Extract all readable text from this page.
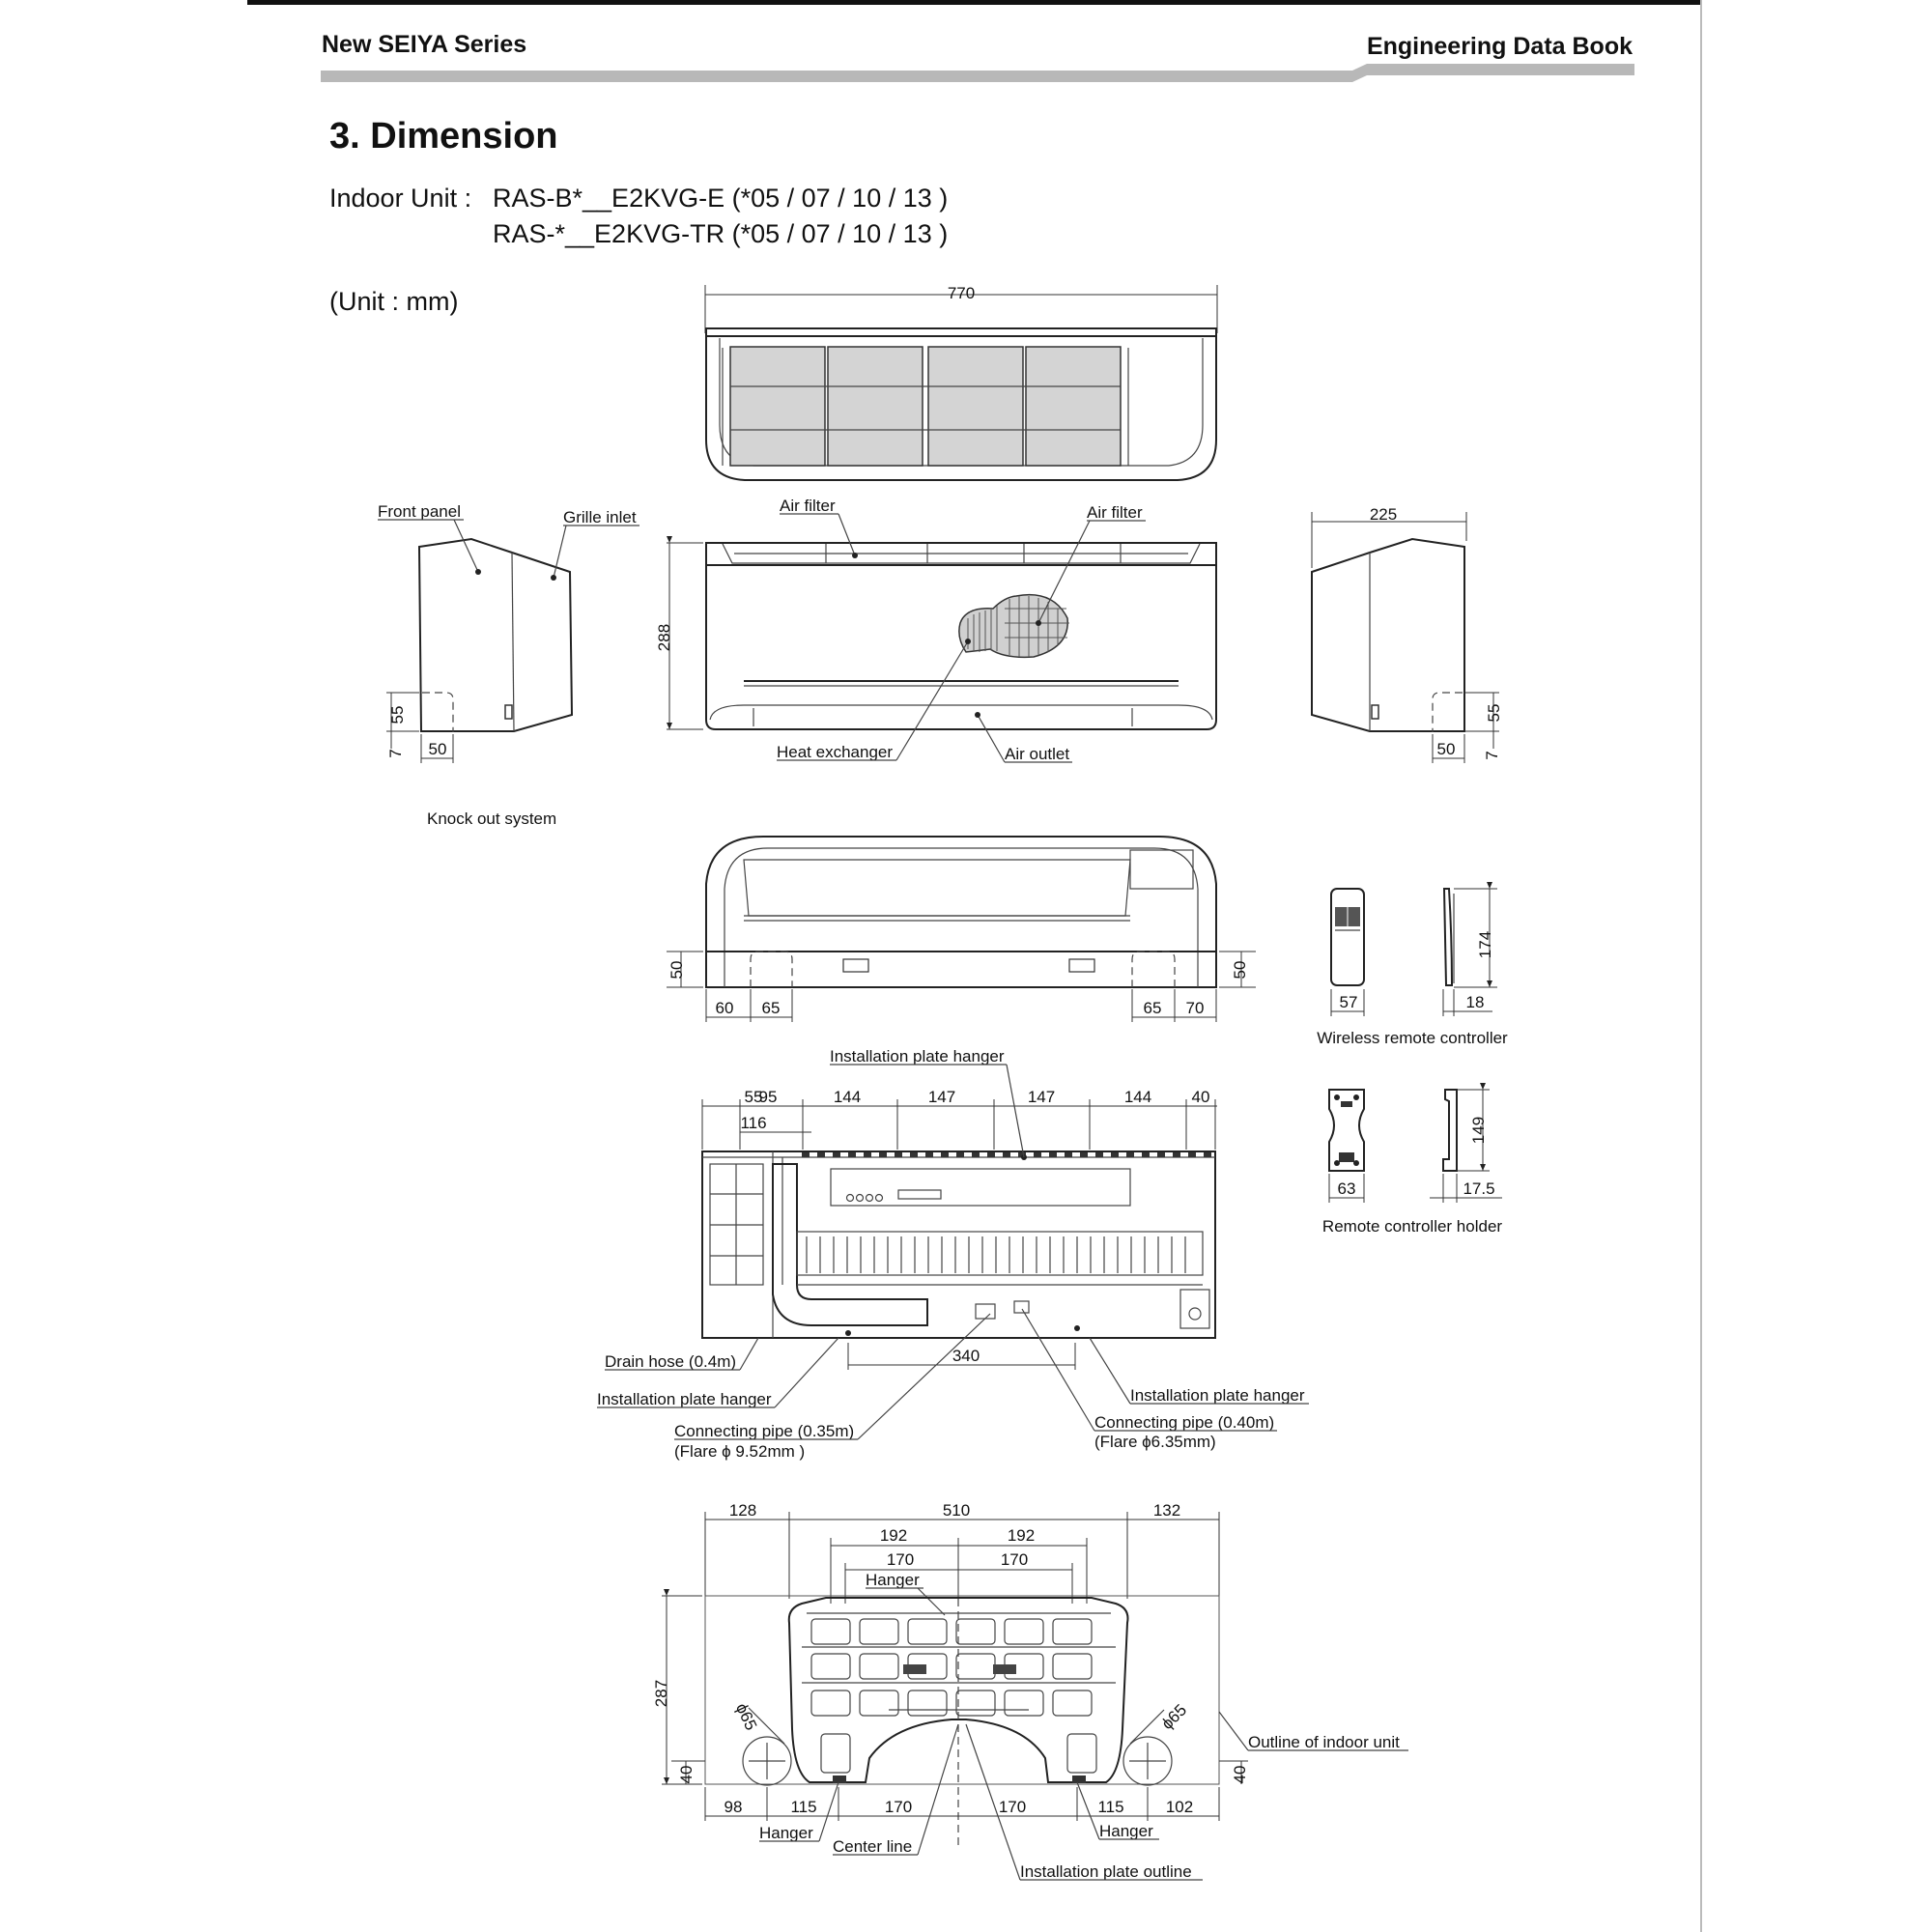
New SEIYA Series	Engineering Data Book
3. Dimension
Indoor Unit : RAS-B*__E2KVG-E (*05 / 07 / 10 / 13 )
RAS-*__E2KVG-TR (*05 / 07 / 10 / 13 )
(Unit : mm)	770
55
7 50
Front panel	Grille inlet
288
Air filter	Air filter
Heat exchanger	Air outlet
225
55
7
50
Knock out system
50	50
60 65	65 70	57
174
18
Wireless remote controller
149
63	17.5
Remote controller holder
55
95	144	147	147	144 40
116
340
Installation plate hanger
Drain hose (0.4m)
Installation plate hanger	Installation plate hanger
Connecting pipe (0.35m)
(Flare ϕ 9.52mm )
Connecting pipe (0.40m)
(Flare ϕ6.35mm)
128	510	132
192	192
170	170
Hanger
ϕ65	ϕ65
287
40	40
98	115	170	170	115	102
Hanger	Hanger
Center line
Installation plate outline
Outline of indoor unit
